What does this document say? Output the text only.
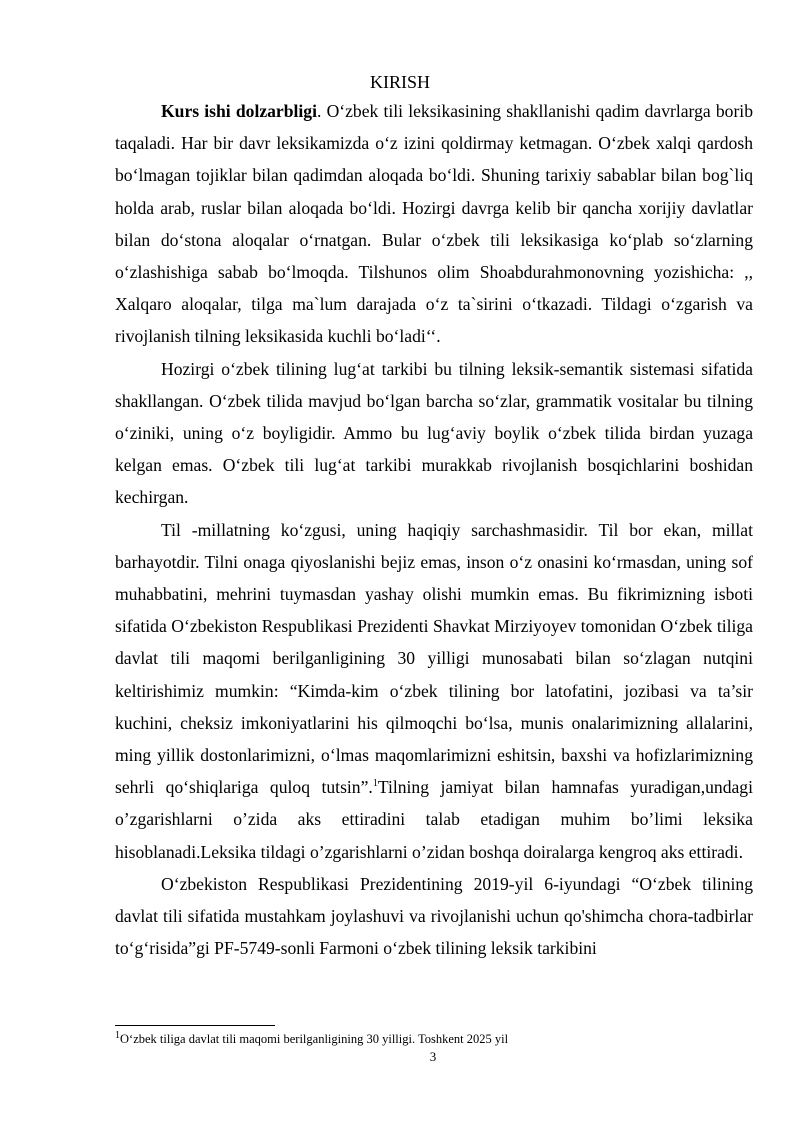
KIRISH

Kurs ishi dolzarbligi. O‘zbek tili leksikasining shakllanishi qadim davrlarga borib taqaladi. Har bir davr leksikamizda o‘z izini qoldirmay ketmagan. O‘zbek xalqi qardosh bo‘lmagan tojiklar bilan qadimdan aloqada bo‘ldi. Shuning tarixiy sabablar bilan bog`liq holda arab, ruslar bilan aloqada bo‘ldi. Hozirgi davrga kelib bir qancha xorijiy davlatlar bilan do‘stona aloqalar o‘rnatgan. Bular o‘zbek tili leksikasiga ko‘plab so‘zlarning o‘zlashishiga sabab bo‘lmoqda. Tilshunos olim Shoabdurahmonovning yozishicha: ,, Xalqaro aloqalar, tilga ma`lum darajada o‘z ta`sirini o‘tkazadi. Tildagi o‘zgarish va rivojlanish tilning leksikasida kuchli bo‘ladi‘‘.

Hozirgi o‘zbek tilining lug‘at tarkibi bu tilning leksik-semantik sistemasi sifatida shakllangan. O‘zbek tilida mavjud bo‘lgan barcha so‘zlar, grammatik vositalar bu tilning o‘ziniki, uning o‘z boyligidir. Ammo bu lug‘aviy boylik o‘zbek tilida birdan yuzaga kelgan emas. O‘zbek tili lug‘at tarkibi murakkab rivojlanish bosqichlarini boshidan kechirgan.

Til -millatning ko‘zgusi, uning haqiqiy sarchashmasidir. Til bor ekan, millat barhayotdir. Tilni onaga qiyoslanishi bejiz emas, inson o‘z onasini ko‘rmasdan, uning sof muhabbatini, mehrini tuymasdan yashay olishi mumkin emas. Bu fikrimizning isboti sifatida O‘zbekiston Respublikasi Prezidenti Shavkat Mirziyoyev tomonidan O‘zbek tiliga davlat tili maqomi berilganligining 30 yilligi munosabati bilan so‘zlagan nutqini keltirishimiz mumkin: “Kimda-kim o‘zbek tilining bor latofatini, jozibasi va ta’sir kuchini, cheksiz imkoniyatlarini his qilmoqchi bo‘lsa, munis onalarimizning allalarini, ming yillik dostonlarimizni, o‘lmas maqomlarimizni eshitsin, baxshi va hofizlarimizning sehrli qo‘shiqlariga quloq tutsin”.$^1$Tilning jamiyat bilan hamnafas yuradigan,undagi o’zgarishlarni o’zida aks ettiradini talab etadigan muhim bo’limi leksika hisoblanadi.Leksika tildagi o’zgarishlarni o’zidan boshqa doiralarga kengroq aks ettiradi.

O‘zbekiston Respublikasi Prezidentining 2019-yil 6-iyundagi “O‘zbek tilining davlat tili sifatida mustahkam joylashuvi va rivojlanishi uchun qo'shimcha chora-tadbirlar to‘g‘risida”gi PF-5749-sonli Farmoni o‘zbek tilining leksik tarkibini

$^1$O‘zbek tiliga davlat tili maqomi berilganligining 30 yilligi. Toshkent 2025 yil
3
